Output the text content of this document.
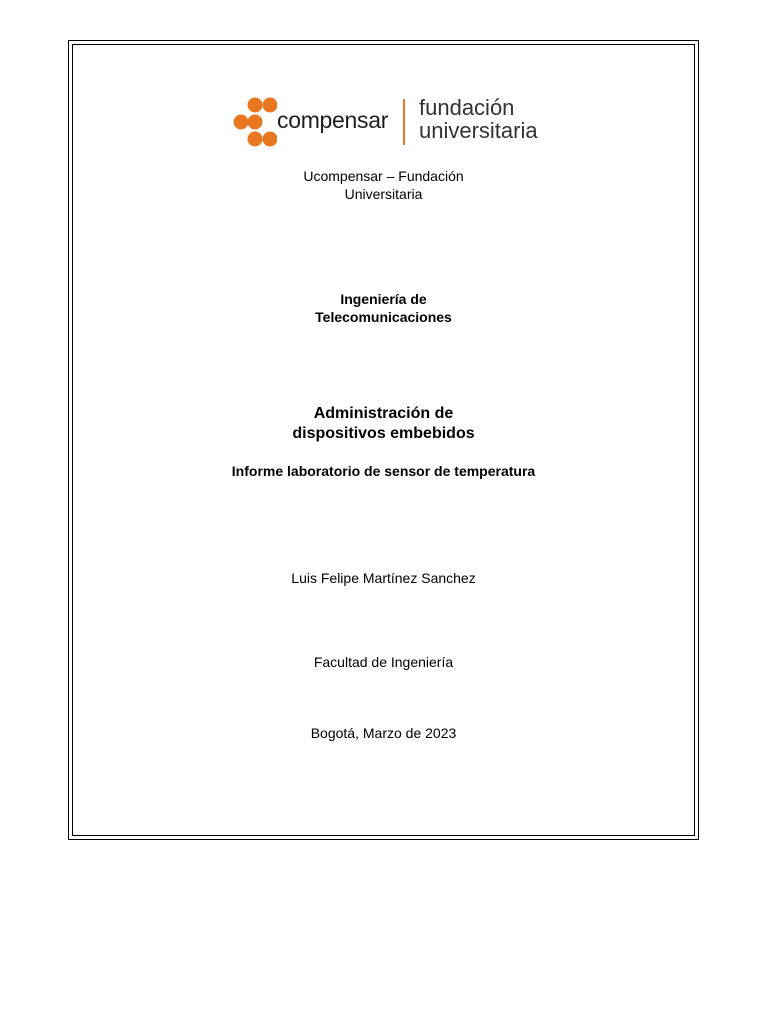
compensar fundación
universitaria
Ucompensar – Fundación
Universitaria
Ingeniería de
Telecomunicaciones
Administración de
dispositivos embebidos
Informe laboratorio de sensor de temperatura
Luis Felipe Martínez Sanchez
Facultad de Ingeniería
Bogotá, Marzo de 2023
